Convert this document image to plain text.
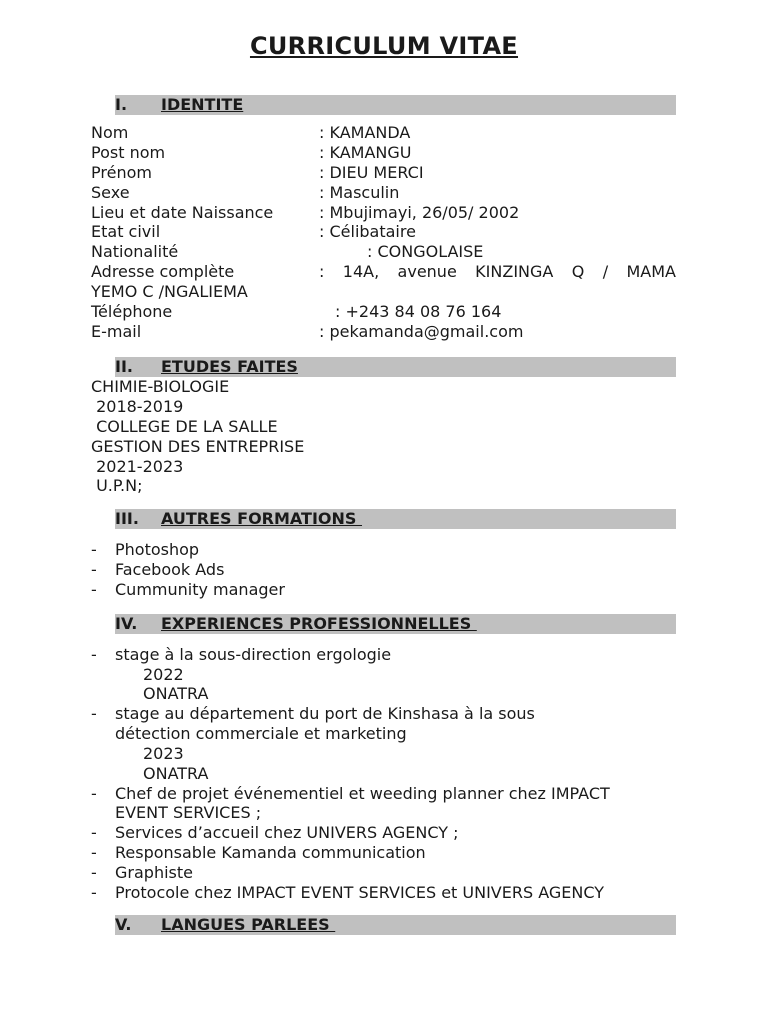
CURRICULUM VITAE
I. IDENTITE
Nom	: KAMANDA
Post nom	: KAMANGU
Prénom	: DIEU MERCI
Sexe	: Masculin
Lieu et date Naissance	: Mbujimayi, 26/05/ 2002
Etat civil	: Célibataire
Nationalité	: CONGOLAISE
Adresse complète	: 14A, avenue KINZINGA Q / MAMA
YEMO C /NGALIEMA
Téléphone	: +243 84 08 76 164
E-mail	: pekamanda@gmail.com
II. ETUDES FAITES
CHIMIE-BIOLOGIE
2018-2019
COLLEGE DE LA SALLE
GESTION DES ENTREPRISE
2021-2023
U.P.N;
III. AUTRES FORMATIONS
- Photoshop
- Facebook Ads
- Cummunity manager
IV. EXPERIENCES PROFESSIONNELLES
- stage à la sous-direction ergologie
2022
ONATRA
- stage au département du port de Kinshasa à la sous
détection commerciale et marketing
2023
ONATRA
- Chef de projet événementiel et weeding planner chez IMPACT
EVENT SERVICES ;
- Services d’accueil chez UNIVERS AGENCY ;
- Responsable Kamanda communication
- Graphiste
- Protocole chez IMPACT EVENT SERVICES et UNIVERS AGENCY
V. LANGUES PARLEES
